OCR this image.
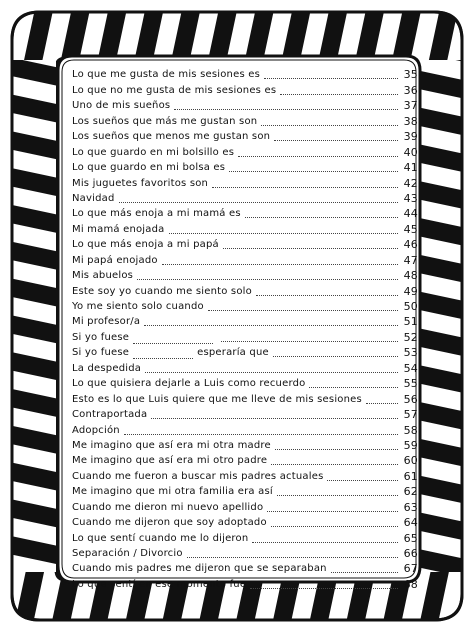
Lo que me gusta de mis sesiones es	35
Lo que no me gusta de mis sesiones es	36
Uno de mis sueños	37
Los sueños que más me gustan son	38
Los sueños que menos me gustan son	39
Lo que guardo en mi bolsillo es	40
Lo que guardo en mi bolsa es	41
Mis juguetes favoritos son	42
Navidad	43
Lo que más enoja a mi mamá es	44
Mi mamá enojada	45
Lo que más enoja a mi papá	46
Mi papá enojado	47
Mis abuelos	48
Este soy yo cuando me siento solo	49
Yo me siento solo cuando	50
Mi profesor/a	51
Si yo fuese	52
Si yo fuese	esperaría que	53
La despedida	54
Lo que quisiera dejarle a Luis como recuerdo	55
Esto es lo que Luis quiere que me lleve de mis sesiones	56
Contraportada	57
Adopción	58
Me imagino que así era mi otra madre	59
Me imagino que así era mi otro padre	60
Cuando me fueron a buscar mis padres actuales	61
Me imagino que mi otra familia era así	62
Cuando me dieron mi nuevo apellido	63
Cuando me dijeron que soy adoptado	64
Lo que sentí cuando me lo dijeron	65
Separación / Divorcio	66
Cuando mis padres me dijeron que se separaban	67
Lo que sentí en ese momento fue	68
